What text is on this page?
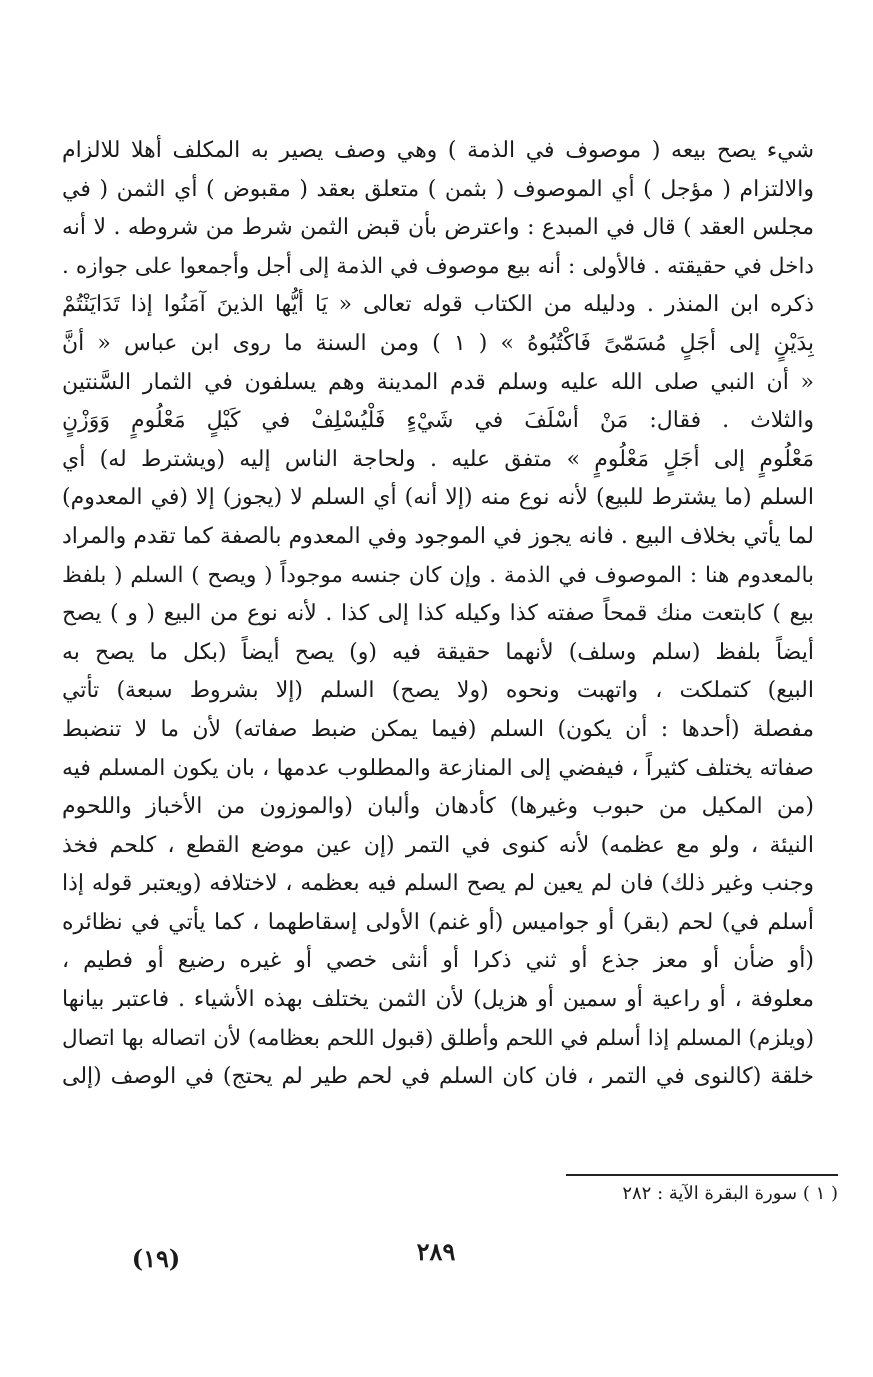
شيء يصح بيعه ( موصوف في الذمة ) وهي وصف يصير به المكلف أهلا للالزام
والالتزام ( مؤجل ) أي الموصوف ( بثمن ) متعلق بعقد ( مقبوض ) أي الثمن ( في
مجلس العقد ) قال في المبدع : واعترض بأن قبض الثمن شرط من شروطه . لا أنه
داخل في حقيقته . فالأولى : أنه بيع موصوف في الذمة إلى أجل وأجمعوا على جوازه .
ذكره ابن المنذر . ودليله من الكتاب قوله تعالى « يَا أيُّها الذينَ آمَنُوا إذا تَدَايَنْتُمْ
بِدَيْنٍ إلى أجَلٍ مُسَمّىً فَاكْتُبُوهُ » ( ١ ) ومن السنة ما روى ابن عباس « أنَّ
« أن النبي صلى الله عليه وسلم قدم المدينة وهم يسلفون في الثمار السَّنتين
والثلاث . فقال: مَنْ أسْلَفَ في شَيْءٍ فَلْيُسْلِفْ في كَيْلٍ مَعْلُومٍ وَوَزْنٍ
مَعْلُومٍ إلى أجَلٍ مَعْلُومٍ » متفق عليه . ولحاجة الناس إليه (ويشترط له) أي
السلم (ما يشترط للبيع) لأنه نوع منه (إلا أنه) أي السلم لا (يجوز) إلا (في المعدوم)
لما يأتي بخلاف البيع . فانه يجوز في الموجود وفي المعدوم بالصفة كما تقدم والمراد
بالمعدوم هنا : الموصوف في الذمة . وإن كان جنسه موجوداً ( ويصح ) السلم ( بلفظ
بيع ) كابتعت منك قمحاً صفته كذا وكيله كذا إلى كذا . لأنه نوع من البيع ( و ) يصح
أيضاً بلفظ (سلم وسلف) لأنهما حقيقة فيه (و) يصح أيضاً (بكل ما يصح به
البيع) كتملكت ، واتهبت ونحوه (ولا يصح) السلم (إلا بشروط سبعة) تأتي
مفصلة (أحدها : أن يكون) السلم (فيما يمكن ضبط صفاته) لأن ما لا تنضبط
صفاته يختلف كثيراً ، فيفضي إلى المنازعة والمطلوب عدمها ، بان يكون المسلم فيه
(من المكيل من حبوب وغيرها) كأدهان وألبان (والموزون من الأخباز واللحوم
النيئة ، ولو مع عظمه) لأنه كنوى في التمر (إن عين موضع القطع ، كلحم فخذ
وجنب وغير ذلك) فان لم يعين لم يصح السلم فيه بعظمه ، لاختلافه (ويعتبر قوله إذا
أسلم في) لحم (بقر) أو جواميس (أو غنم) الأولى إسقاطهما ، كما يأتي في نظائره
(أو ضأن أو معز جذع أو ثني ذكرا أو أنثى خصي أو غيره رضيع أو فطيم ،
معلوفة ، أو راعية أو سمين أو هزيل) لأن الثمن يختلف بهذه الأشياء . فاعتبر بيانها
(ويلزم) المسلم إذا أسلم في اللحم وأطلق (قبول اللحم بعظامه) لأن اتصاله بها اتصال
خلقة (كالنوى في التمر ، فان كان السلم في لحم طير لم يحتج) في الوصف (إلى
( ١ ) سورة البقرة الآية : ٢٨٢
٢٨٩
(١٩)
